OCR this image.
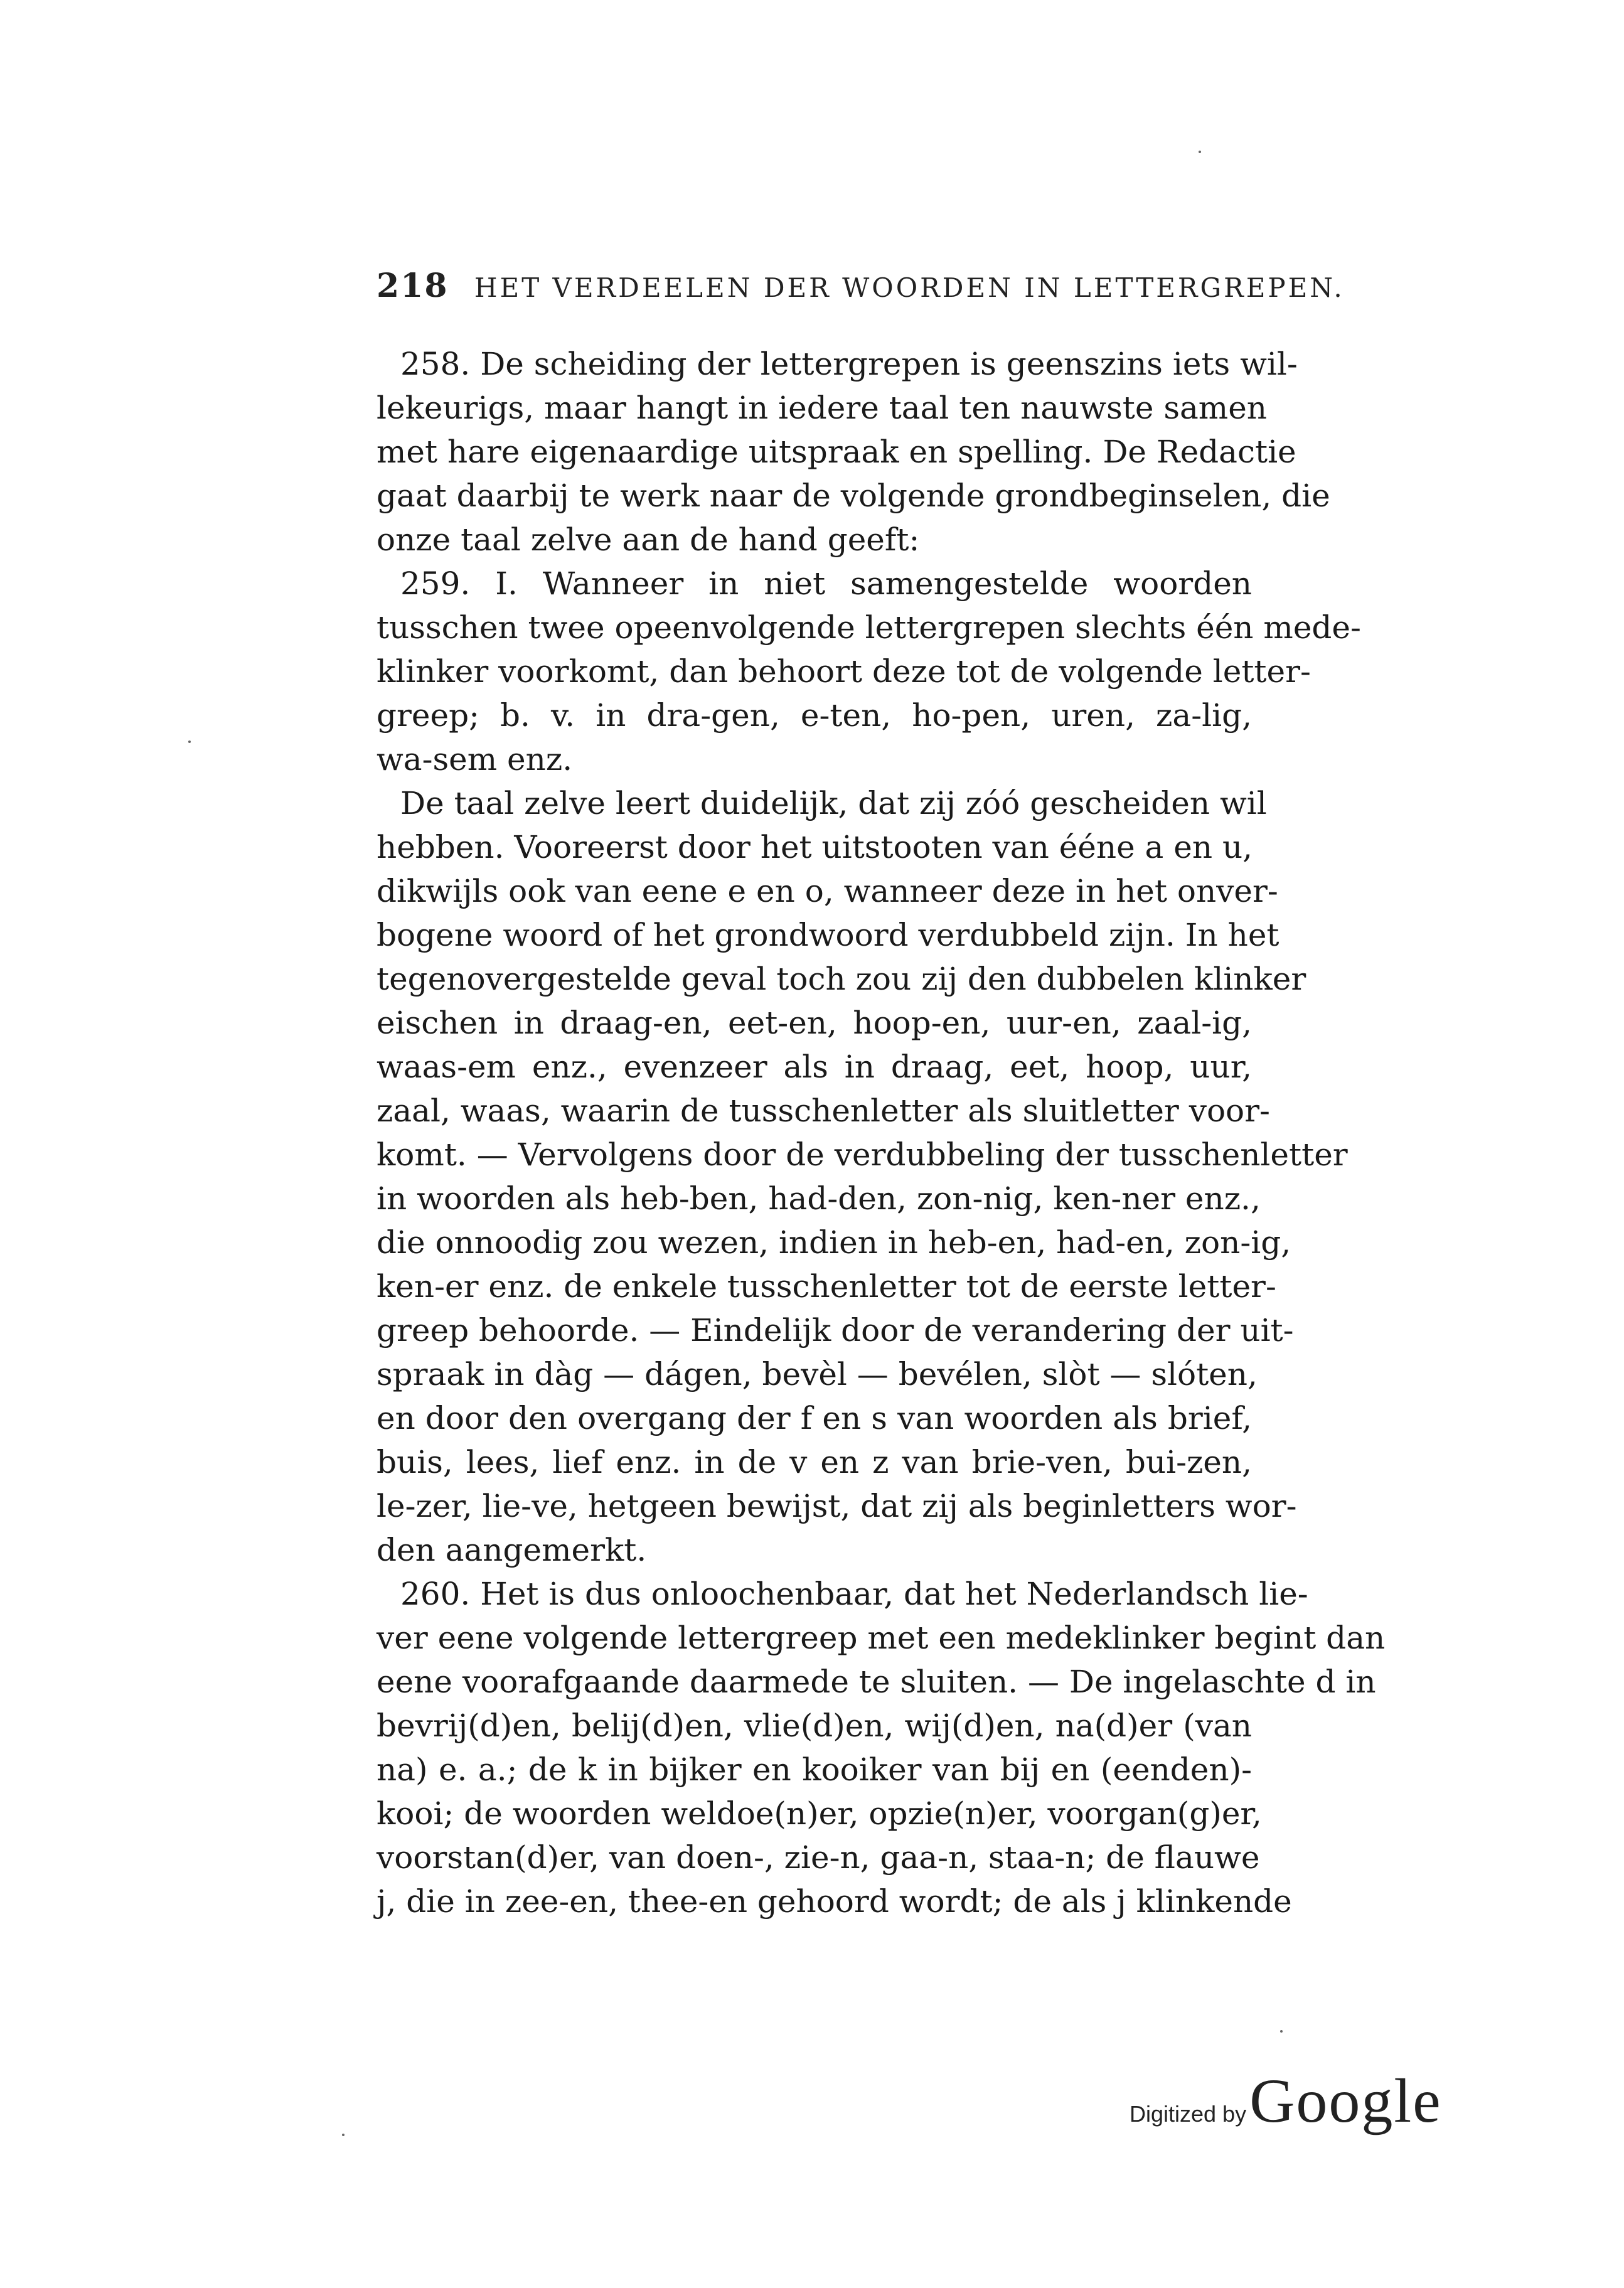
218 HET VERDEELEN DER WOORDEN IN LETTERGREPEN.
258. De scheiding der lettergrepen is geenszins iets wil-
lekeurigs, maar hangt in iedere taal ten nauwste samen
met hare eigenaardige uitspraak en spelling. De Redactie
gaat daarbij te werk naar de volgende grondbeginselen, die
onze taal zelve aan de hand geeft:
259. I. Wanneer in niet samengestelde woorden
tusschen twee opeenvolgende lettergrepen slechts één mede-
klinker voorkomt, dan behoort deze tot de volgende letter-
greep; b. v. in dra-gen, e-ten, ho-pen, uren, za-lig,
wa-sem enz.
De taal zelve leert duidelijk, dat zij zóó gescheiden wil
hebben. Vooreerst door het uitstooten van ééne a en u,
dikwijls ook van eene e en o, wanneer deze in het onver-
bogene woord of het grondwoord verdubbeld zijn. In het
tegenovergestelde geval toch zou zij den dubbelen klinker
eischen in draag-en, eet-en, hoop-en, uur-en, zaal-ig,
waas-em enz., evenzeer als in draag, eet, hoop, uur,
zaal, waas, waarin de tusschenletter als sluitletter voor-
komt. — Vervolgens door de verdubbeling der tusschenletter
in woorden als heb-ben, had-den, zon-nig, ken-ner enz.,
die onnoodig zou wezen, indien in heb-en, had-en, zon-ig,
ken-er enz. de enkele tusschenletter tot de eerste letter-
greep behoorde. — Eindelijk door de verandering der uit-
spraak in dàg — dágen, bevèl — bevélen, slòt — slóten,
en door den overgang der f en s van woorden als brief,
buis, lees, lief enz. in de v en z van brie-ven, bui-zen,
le-zer, lie-ve, hetgeen bewijst, dat zij als beginletters wor-
den aangemerkt.
260. Het is dus onloochenbaar, dat het Nederlandsch lie-
ver eene volgende lettergreep met een medeklinker begint dan
eene voorafgaande daarmede te sluiten. — De ingelaschte d in
bevrij(d)en, belij(d)en, vlie(d)en, wij(d)en, na(d)er (van
na) e. a.; de k in bijker en kooiker van bij en (eenden)-
kooi; de woorden weldoe(n)er, opzie(n)er, voorgan(g)er,
voorstan(d)er, van doen-, zie-n, gaa-n, staa-n; de flauwe
j, die in zee-en, thee-en gehoord wordt; de als j klinkende
Digitized by Google
